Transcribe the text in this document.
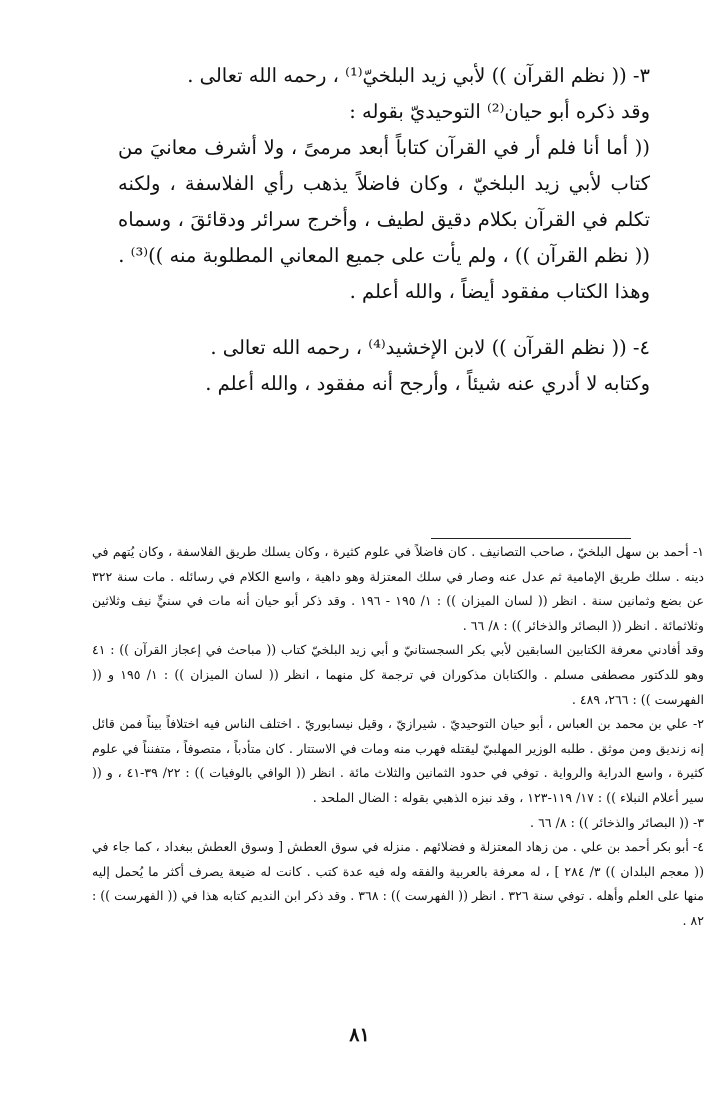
٣- (( نظم القرآن )) لأبي زيد البلخيّ⁽¹⁾ ، رحمه الله تعالى .

وقد ذكره أبو حيان⁽²⁾ التوحيديّ بقوله :

(( أما أنا فلم أر في القرآن كتاباً أبعد مرمىً ، ولا أشرف معانيَ من كتاب لأبي زيد البلخيّ ، وكان فاضلاً يذهب رأي الفلاسفة ، ولكنه تكلم في القرآن بكلام دقيق لطيف ، وأخرج سرائر ودقائقَ ، وسماه (( نظم القرآن )) ، ولم يأت على جميع المعاني المطلوبة منه ))⁽³⁾ .

وهذا الكتاب مفقود أيضاً ، والله أعلم .

٤- (( نظم القرآن )) لابن الإخشيد⁽⁴⁾ ، رحمه الله تعالى .

وكتابه لا أدري عنه شيئاً ، وأرجح أنه مفقود ، والله أعلم .

١- أحمد بن سهل البلخيّ ، صاحب التصانيف . كان فاضلاً في علوم كثيرة ، وكان يسلك طريق الفلاسفة ، وكان يُتهم في دينه . سلك طريق الإمامية ثم عدل عنه وصار في سلك المعتزلة وهو داهية ، واسع الكلام في رسائله . مات سنة ٣٢٢ عن بضع وثمانين سنة . انظر (( لسان الميزان )) : ١/ ١٩٥ - ١٩٦ . وقد ذكر أبو حيان أنه مات في سنيٍّ نيف وثلاثين وثلاثمائة . انظر (( البصائر والذخائر )) : ٨/ ٦٦ .

وقد أفادني معرفة الكتابين السابقين لأبي بكر السجستانيّ و أبي زيد البلخيّ كتاب (( مباحث في إعجاز القرآن )) : ٤١ وهو للدكتور مصطفى مسلم . والكتابان مذكوران في ترجمة كل منهما ، انظر (( لسان الميزان )) : ١/ ١٩٥ و (( الفهرست )) : ٢٦٦، ٤٨٩ .

٢- علي بن محمد بن العباس ، أبو حيان التوحيديّ . شيرازيّ ، وقيل نيسابوريّ . اختلف الناس فيه اختلافاً بيناً فمن قائل إنه زنديق ومن موثق . طلبه الوزير المهلبيّ ليقتله فهرب منه ومات في الاستتار . كان متأدباً ، متصوفاً ، متفنناً في علوم كثيرة ، واسع الدراية والرواية . توفي في حدود الثمانين والثلاث مائة . انظر (( الوافي بالوفيات )) : ٢٢/ ٣٩-٤١ ، و (( سير أعلام النبلاء )) : ١٧/ ١١٩-١٢٣ ، وقد نبزه الذهبي بقوله : الضال الملحد .

٣- (( البصائر والذخائر )) : ٨/ ٦٦ .

٤- أبو بكر أحمد بن علي . من زهاد المعتزلة و فضلائهم . منزله في سوق العطش [ وسوق العطش ببغداد ، كما جاء في (( معجم البلدان )) ٣/ ٢٨٤ ] ، له معرفة بالعربية والفقه وله فيه عدة كتب . كانت له ضيعة يصرف أكثر ما يُحمل إليه منها على العلم وأهله . توفي سنة ٣٢٦ . انظر (( الفهرست )) : ٣٦٨ . وقد ذكر ابن النديم كتابه هذا في (( الفهرست )) : ٨٢ .

٨١
